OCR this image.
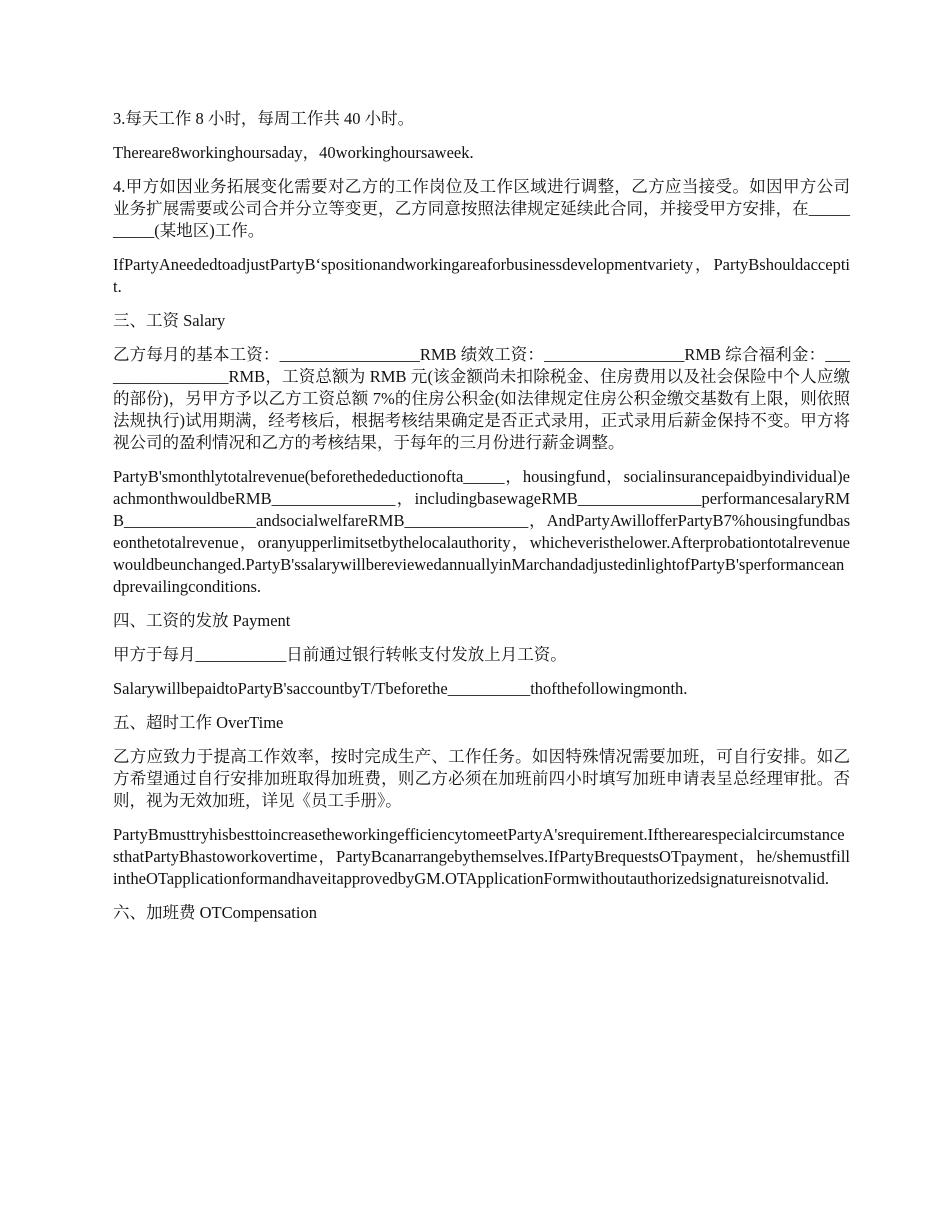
3.每天工作 8 小时，每周工作共 40 小时。

Thereare8workinghoursaday，40workinghoursaweek.

4.甲方如因业务拓展变化需要对乙方的工作岗位及工作区域进行调整，乙方应当接受。如因甲方公司业务扩展需要或公司合并分立等变更，乙方同意按照法律规定延续此合同，并接受甲方安排，在__________(某地区)工作。

IfPartyAneededtoadjustPartyB‘spositionandworkingareaforbusinessdevelopmentvariety，PartyBshouldacceptit.

三、工资 Salary

乙方每月的基本工资：_________________RMB 绩效工资：_________________RMB 综合福利金：_________________RMB，工资总额为 RMB 元(该金额尚未扣除税金、住房费用以及社会保险中个人应缴的部份)，另甲方予以乙方工资总额 7%的住房公积金(如法律规定住房公积金缴交基数有上限，则依照法规执行)试用期满，经考核后，根据考核结果确定是否正式录用，正式录用后薪金保持不变。甲方将视公司的盈利情况和乙方的考核结果，于每年的三月份进行薪金调整。

PartyB'smonthlytotalrevenue(beforethedeductionofta_____，housingfund，socialinsurancepaidbyindividual)eachmonthwouldbeRMB_______________，includingbasewageRMB_______________performancesalaryRMB________________andsocialwelfareRMB_______________，AndPartyAwillofferPartyB7%housingfundbaseonthetotalrevenue，oranyupperlimitsetbythelocalauthority，whicheveristhelower.Afterprobationtotalrevenuewouldbeunchanged.PartyB'ssalarywillbereviewedannuallyinMarchandadjustedinlightofPartyB'sperformanceandprevailingconditions.

四、工资的发放 Payment

甲方于每月___________日前通过银行转帐支付发放上月工资。

SalarywillbepaidtoPartyB'saccountbyT/Tbeforethe__________thofthefollowingmonth.

五、超时工作 OverTime

乙方应致力于提高工作效率，按时完成生产、工作任务。如因特殊情况需要加班，可自行安排。如乙方希望通过自行安排加班取得加班费，则乙方必须在加班前四小时填写加班申请表呈总经理审批。否则，视为无效加班，详见《员工手册》。

PartyBmusttryhisbesttoincreasetheworkingefficiencytomeetPartyA'srequirement.IftherearespecialcircumstancesthatPartyBhastoworkovertime，PartyBcanarrangebythemselves.IfPartyBrequestsOTpayment，he/shemustfillintheOTapplicationformandhaveitapprovedbyGM.OTApplicationFormwithoutauthorizedsignatureisnotvalid.

六、加班费 OTCompensation
